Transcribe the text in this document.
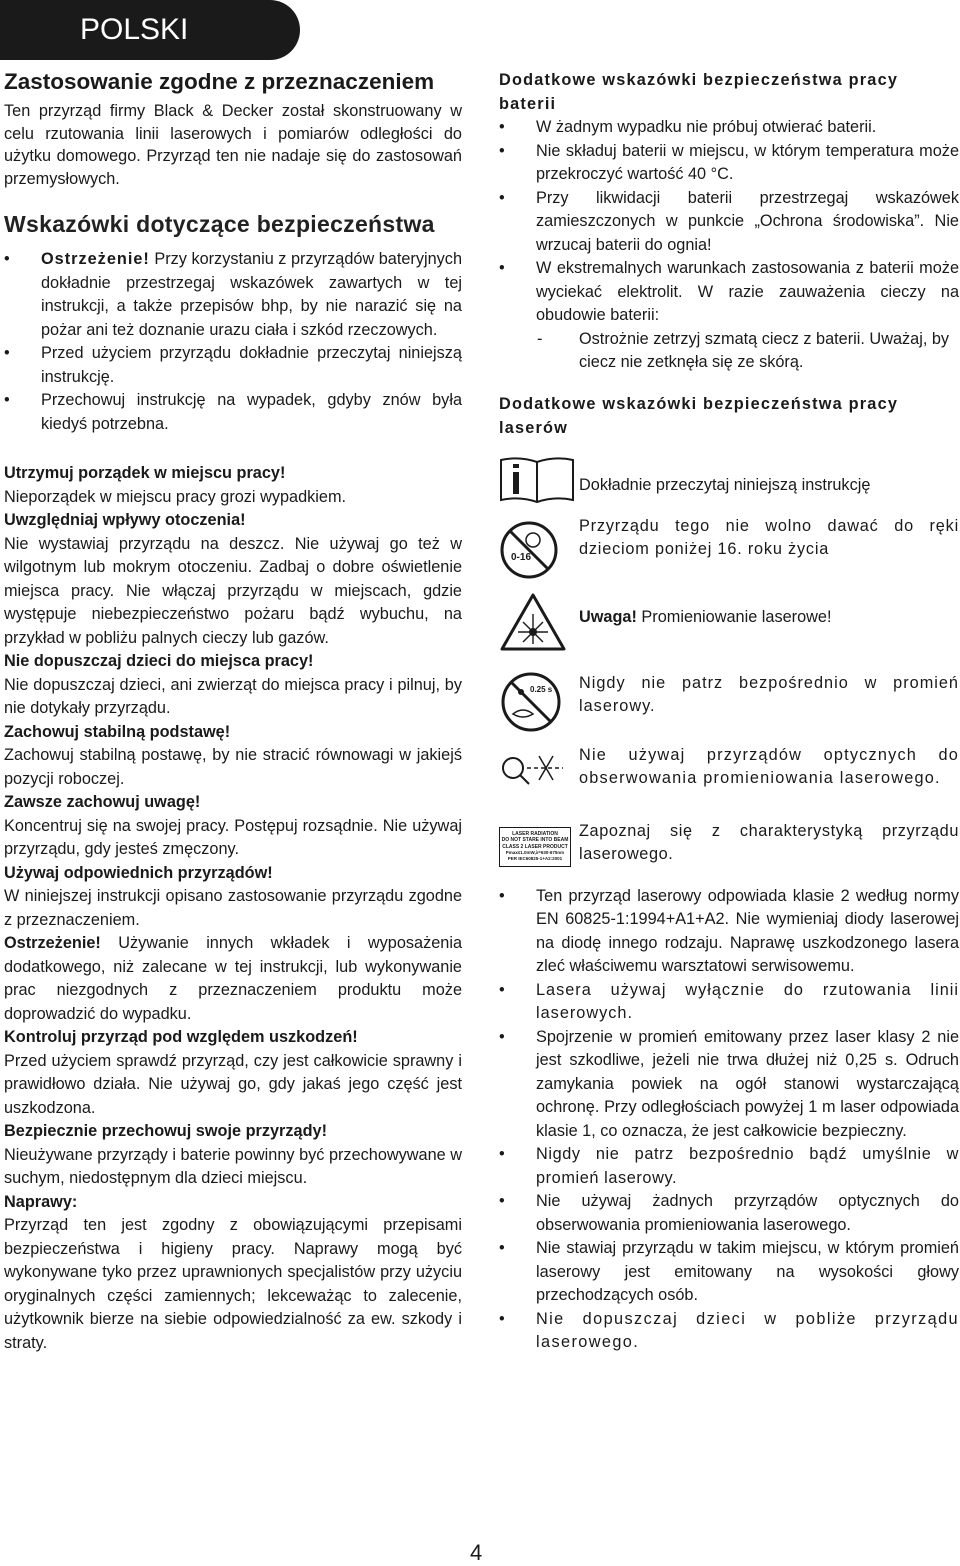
POLSKI
Zastosowanie zgodne z przeznaczeniem

Ten przyrząd firmy Black & Decker został skonstruowany w celu rzutowania linii laserowych i pomiarów odległości do użytku domowego. Przyrząd ten nie nadaje się do zastosowań przemysłowych.

Wskazówki dotyczące bezpieczeństwa
• Ostrzeżenie! Przy korzystaniu z przyrządów bateryjnych dokładnie przestrzegaj wskazówek zawartych w tej instrukcji, a także przepisów bhp, by nie narazić się na pożar ani też doznanie urazu ciała i szkód rzeczowych.
• Przed użyciem przyrządu dokładnie przeczytaj niniejszą instrukcję.
• Przechowuj instrukcję na wypadek, gdyby znów była kiedyś potrzebna.

Utrzymuj porządek w miejscu pracy!

Nieporządek w miejscu pracy grozi wypadkiem.

Uwzględniaj wpływy otoczenia!

Nie wystawiaj przyrządu na deszcz. Nie używaj go też w wilgotnym lub mokrym otoczeniu. Zadbaj o dobre oświetlenie miejsca pracy. Nie włączaj przyrządu w miejscach, gdzie występuje niebezpieczeństwo pożaru bądź wybuchu, na przykład w pobliżu palnych cieczy lub gazów.

Nie dopuszczaj dzieci do miejsca pracy!

Nie dopuszczaj dzieci, ani zwierząt do miejsca pracy i pilnuj, by nie dotykały przyrządu.

Zachowuj stabilną podstawę!

Zachowuj stabilną postawę, by nie stracić równowagi w jakiejś pozycji roboczej.

Zawsze zachowuj uwagę!

Koncentruj się na swojej pracy. Postępuj rozsądnie. Nie używaj przyrządu, gdy jesteś zmęczony.

Używaj odpowiednich przyrządów!

W niniejszej instrukcji opisano zastosowanie przyrządu zgodne z przeznaczeniem.

Ostrzeżenie! Używanie innych wkładek i wyposażenia dodatkowego, niż zalecane w tej instrukcji, lub wykonywanie prac niezgodnych z przeznaczeniem produktu może doprowadzić do wypadku.

Kontroluj przyrząd pod względem uszkodzeń!

Przed użyciem sprawdź przyrząd, czy jest całkowicie sprawny i prawidłowo działa. Nie używaj go, gdy jakaś jego część jest uszkodzona.

Bezpiecznie przechowuj swoje przyrządy!

Nieużywane przyrządy i baterie powinny być przechowywane w suchym, niedostępnym dla dzieci miejscu.

Naprawy:

Przyrząd ten jest zgodny z obowiązującymi przepisami bezpieczeństwa i higieny pracy. Naprawy mogą być wykonywane tyko przez uprawnionych specjalistów przy użyciu oryginalnych części zamiennych; lekceważąc to zalecenie, użytkownik bierze na siebie odpowiedzialność za ew. szkody i straty.

Dodatkowe wskazówki bezpieczeństwa pracy baterii
• W żadnym wypadku nie próbuj otwierać baterii.
• Nie składuj baterii w miejscu, w którym temperatura może przekroczyć wartość 40 °C.
• Przy likwidacji baterii przestrzegaj wskazówek zamieszczonych w punkcie „Ochrona środowiska”. Nie wrzucaj baterii do ognia!
• W ekstremalnych warunkach zastosowania z baterii może wyciekać elektrolit. W razie zauważenia cieczy na obudowie baterii:
- Ostrożnie zetrzyj szmatą ciecz z baterii. Uważaj, by ciecz nie zetknęła się ze skórą.
Dodatkowe wskazówki bezpieczeństwa pracy laserów
Dokładnie przeczytaj niniejszą instrukcję
0-16
Przyrządu tego nie wolno dawać do ręki dzieciom poniżej 16. roku życia
Uwaga! Promieniowanie laserowe!
0.25 s Nigdy nie patrz bezpośrednio w promień laserowy.
Nie używaj przyrządów optycznych do obserwowania promieniowania laserowego.
LASER RADIATION
DO NOT STARE INTO BEAM
CLASS 2 LASER PRODUCT
Pmax≤1.0mW,λ=630-675nm
PER IEC60825-1+A2:2001
Zapoznaj się z charakterystyką przyrządu laserowego.
• Ten przyrząd laserowy odpowiada klasie 2 według normy EN 60825-1:1994+A1+A2. Nie wymieniaj diody laserowej na diodę innego rodzaju. Naprawę uszkodzonego lasera zleć właściwemu warsztatowi serwisowemu.
• Lasera używaj wyłącznie do rzutowania linii laserowych.
• Spojrzenie w promień emitowany przez laser klasy 2 nie jest szkodliwe, jeżeli nie trwa dłużej niż 0,25 s. Odruch zamykania powiek na ogół stanowi wystarczającą ochronę. Przy odległościach powyżej 1 m laser odpowiada klasie 1, co oznacza, że jest całkowicie bezpieczny.
• Nigdy nie patrz bezpośrednio bądź umyślnie w promień laserowy.
• Nie używaj żadnych przyrządów optycznych do obserwowania promieniowania laserowego.
• Nie stawiaj przyrządu w takim miejscu, w którym promień laserowy jest emitowany na wysokości głowy przechodzących osób.
• Nie dopuszczaj dzieci w pobliże przyrządu laserowego.
4
